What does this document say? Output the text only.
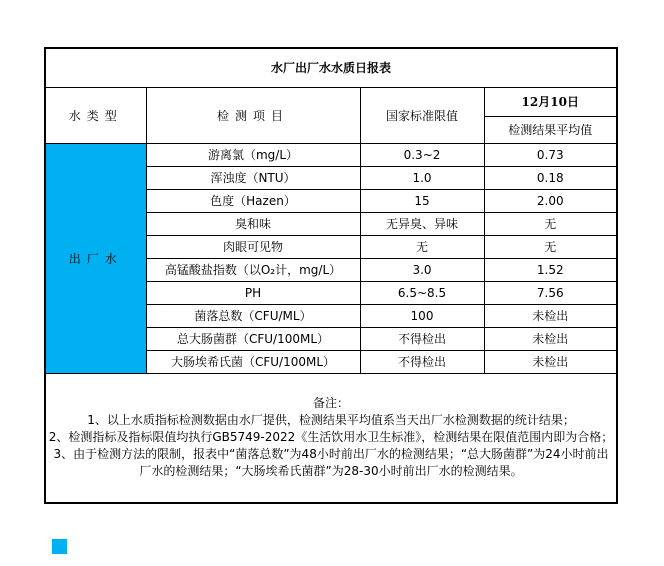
水厂出厂水水质日报表			
水类型	检测项目	国家标准限值	12月10日
			检测结果平均值
出厂水	游离氯（mg/L）	0.3~2	0.73
	浑浊度（NTU）	1.0	0.18
	色度（Hazen）	15	2.00
	臭和味	无异臭、异味	无
	肉眼可见物	无	无
	高锰酸盐指数（以O₂计，mg/L）	3.0	1.52
	PH	6.5~8.5	7.56
	菌落总数（CFU/ML）	100	未检出
	总大肠菌群（CFU/100ML）	不得检出	未检出
	大肠埃希氏菌（CFU/100ML）	不得检出	未检出

备注：

1、以上水质指标检测数据由水厂提供，检测结果平均值系当天出厂水检测数据的统计结果；

2、检测指标及指标限值均执行GB5749-2022《生活饮用水卫生标准》，检测结果在限值范围内即为合格；

3、由于检测方法的限制，报表中“菌落总数”为48小时前出厂水的检测结果；“总大肠菌群”为24小时前出厂水的检测结果；“大肠埃希氏菌群”为28-30小时前出厂水的检测结果。			
